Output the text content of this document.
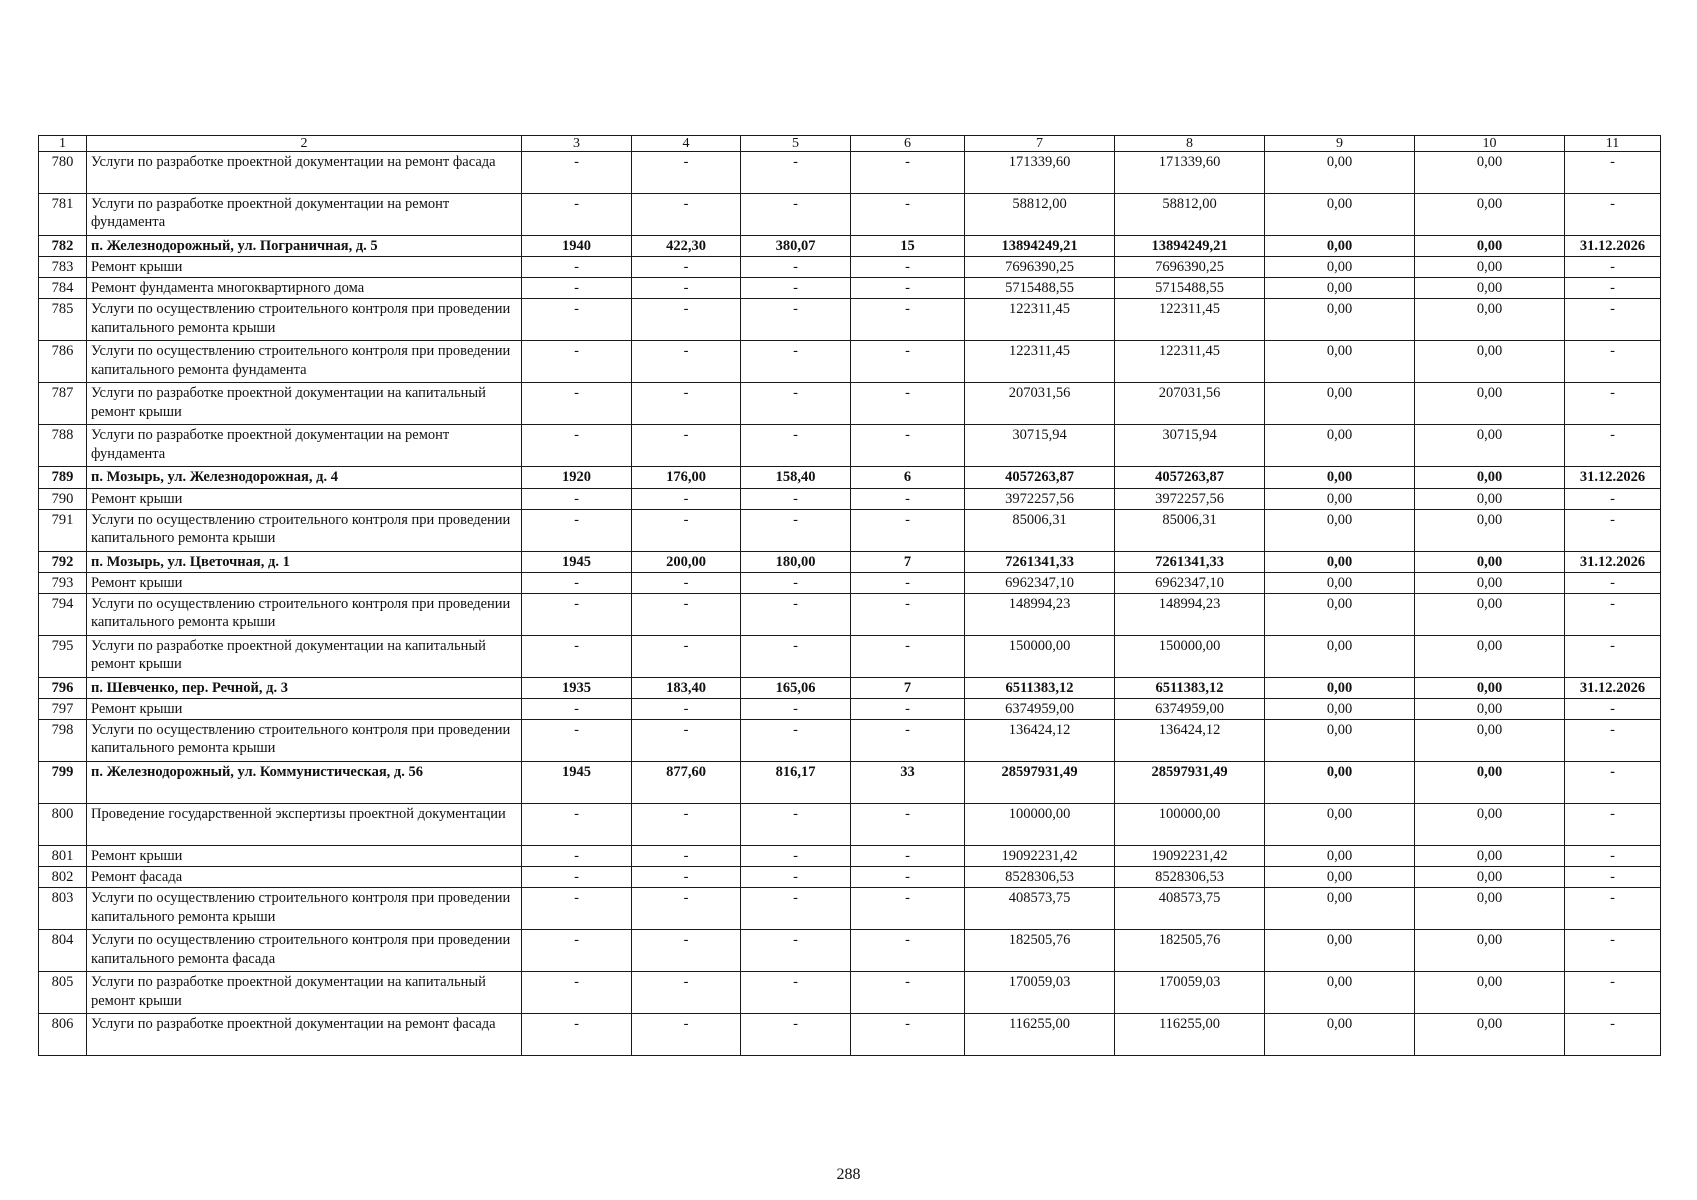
1	2	3	4	5	6	7	8	9	10	11
780	Услуги по разработке проектной документации на ремонт фасада	-	-	-	-	171339,60	171339,60	0,00	0,00	-
781	Услуги по разработке проектной документации на ремонт фундамента	-	-	-	-	58812,00	58812,00	0,00	0,00	-
782	п. Железнодорожный, ул. Пограничная, д. 5	1940	422,30	380,07	15	13894249,21	13894249,21	0,00	0,00	31.12.2026
783	Ремонт крыши	-	-	-	-	7696390,25	7696390,25	0,00	0,00	-
784	Ремонт фундамента многоквартирного дома	-	-	-	-	5715488,55	5715488,55	0,00	0,00	-
785	Услуги по осуществлению строительного контроля при проведении капитального ремонта крыши	-	-	-	-	122311,45	122311,45	0,00	0,00	-
786	Услуги по осуществлению строительного контроля при проведении капитального ремонта фундамента	-	-	-	-	122311,45	122311,45	0,00	0,00	-
787	Услуги по разработке проектной документации на капитальный ремонт крыши	-	-	-	-	207031,56	207031,56	0,00	0,00	-
788	Услуги по разработке проектной документации на ремонт фундамента	-	-	-	-	30715,94	30715,94	0,00	0,00	-
789	п. Мозырь, ул. Железнодорожная, д. 4	1920	176,00	158,40	6	4057263,87	4057263,87	0,00	0,00	31.12.2026
790	Ремонт крыши	-	-	-	-	3972257,56	3972257,56	0,00	0,00	-
791	Услуги по осуществлению строительного контроля при проведении капитального ремонта крыши	-	-	-	-	85006,31	85006,31	0,00	0,00	-
792	п. Мозырь, ул. Цветочная, д. 1	1945	200,00	180,00	7	7261341,33	7261341,33	0,00	0,00	31.12.2026
793	Ремонт крыши	-	-	-	-	6962347,10	6962347,10	0,00	0,00	-
794	Услуги по осуществлению строительного контроля при проведении капитального ремонта крыши	-	-	-	-	148994,23	148994,23	0,00	0,00	-
795	Услуги по разработке проектной документации на капитальный ремонт крыши	-	-	-	-	150000,00	150000,00	0,00	0,00	-
796	п. Шевченко, пер. Речной, д. 3	1935	183,40	165,06	7	6511383,12	6511383,12	0,00	0,00	31.12.2026
797	Ремонт крыши	-	-	-	-	6374959,00	6374959,00	0,00	0,00	-
798	Услуги по осуществлению строительного контроля при проведении капитального ремонта крыши	-	-	-	-	136424,12	136424,12	0,00	0,00	-
799	п. Железнодорожный, ул. Коммунистическая, д. 56	1945	877,60	816,17	33	28597931,49	28597931,49	0,00	0,00	-
800	Проведение государственной экспертизы проектной документации	-	-	-	-	100000,00	100000,00	0,00	0,00	-
801	Ремонт крыши	-	-	-	-	19092231,42	19092231,42	0,00	0,00	-
802	Ремонт фасада	-	-	-	-	8528306,53	8528306,53	0,00	0,00	-
803	Услуги по осуществлению строительного контроля при проведении капитального ремонта крыши	-	-	-	-	408573,75	408573,75	0,00	0,00	-
804	Услуги по осуществлению строительного контроля при проведении капитального ремонта фасада	-	-	-	-	182505,76	182505,76	0,00	0,00	-
805	Услуги по разработке проектной документации на капитальный ремонт крыши	-	-	-	-	170059,03	170059,03	0,00	0,00	-
806	Услуги по разработке проектной документации на ремонт фасада	-	-	-	-	116255,00	116255,00	0,00	0,00	-
288
